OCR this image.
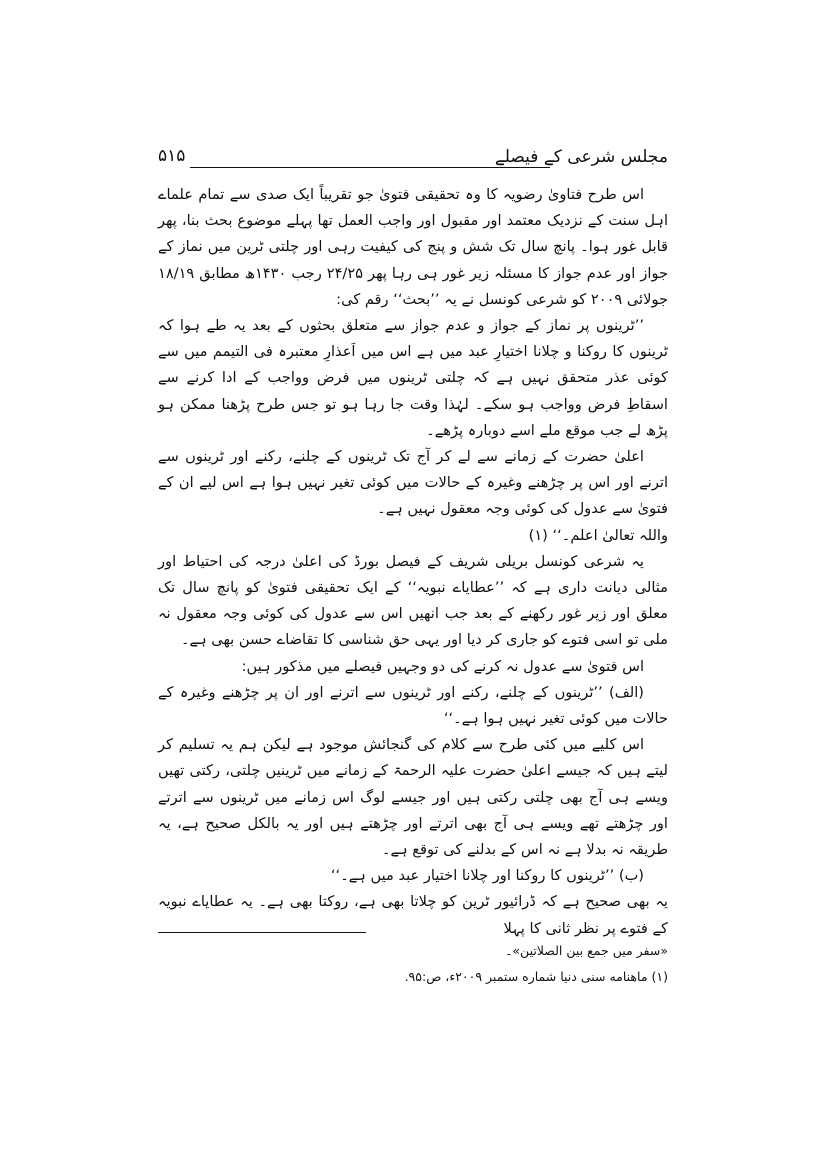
مجلس شرعی کے فیصلے
۵۱۵

اس طرح فتاویٰ رضویہ کا وہ تحقیقی فتویٰ جو تقریباً ایک صدی سے تمام علماے اہل سنت کے نزدیک معتمد اور مقبول اور واجب العمل تھا پہلے موضوع بحث بنا، پھر قابل غور ہوا۔ پانچ سال تک شش و پنج کی کیفیت رہی اور چلتی ٹرین میں نماز کے جواز اور عدم جواز کا مسئلہ زیر غور ہی رہا پھر ۲۴/۲۵ رجب ۱۴۳۰ھ مطابق ۱۸/۱۹ جولائی ۲۰۰۹ کو شرعی کونسل نے یہ ’’بحث‘‘ رقم کی:

’’ٹرینوں پر نماز کے جواز و عدم جواز سے متعلق بحثوں کے بعد یہ طے ہوا کہ ٹرینوں کا روکنا و چلانا اختیارِ عبد میں ہے اس میں اَعذارِ معتبرہ فی التیمم میں سے کوئی عذر متحقق نہیں ہے کہ چلتی ٹرینوں میں فرض وواجب کے ادا کرنے سے اسقاطِ فرض وواجب ہو سکے۔ لہٰذا وقت جا رہا ہو تو جس طرح پڑھنا ممکن ہو پڑھ لے جب موقع ملے اسے دوبارہ پڑھے۔

اعلیٰ حضرت کے زمانے سے لے کر آج تک ٹرینوں کے چلنے، رکنے اور ٹرینوں سے اترنے اور اس پر چڑھنے وغیرہ کے حالات میں کوئی تغیر نہیں ہوا ہے اس لیے ان کے فتویٰ سے عدول کی کوئی وجہ معقول نہیں ہے۔

واللہ تعالیٰ اعلم۔‘‘ (۱)

یہ شرعی کونسل بریلی شریف کے فیصل بورڈ کی اعلیٰ درجہ کی احتیاط اور مثالی دیانت داری ہے کہ ’’عطایاے نبویہ‘‘ کے ایک تحقیقی فتویٰ کو پانچ سال تک معلق اور زیر غور رکھنے کے بعد جب انھیں اس سے عدول کی کوئی وجہ معقول نہ ملی تو اسی فتوے کو جاری کر دیا اور یہی حق شناسی کا تقاضاے حسن بھی ہے۔

اس فتویٰ سے عدول نہ کرنے کی دو وجہیں فیصلے میں مذکور ہیں:

(الف) ’’ٹرینوں کے چلنے، رکنے اور ٹرینوں سے اترنے اور ان پر چڑھنے وغیرہ کے حالات میں کوئی تغیر نہیں ہوا ہے۔‘‘

اس کلیے میں کئی طرح سے کلام کی گنجائش موجود ہے لیکن ہم یہ تسلیم کر لیتے ہیں کہ جیسے اعلیٰ حضرت علیہ الرحمۃ کے زمانے میں ٹرینیں چلتی، رکتی تھیں ویسے ہی آج بھی چلتی رکتی ہیں اور جیسے لوگ اس زمانے میں ٹرینوں سے اترتے اور چڑھتے تھے ویسے ہی آج بھی اترتے اور چڑھتے ہیں اور یہ بالکل صحیح ہے، یہ طریقہ نہ بدلا ہے نہ اس کے بدلنے کی توقع ہے۔

(ب) ’’ٹرینوں کا روکنا اور چلانا اختیار عبد میں ہے۔‘‘

یہ بھی صحیح ہے کہ ڈرائیور ٹرین کو چلاتا بھی ہے، روکتا بھی ہے۔ یہ عطایاے نبویہ کے فتوے پر نظر ثانی کا پہلا

«سفر میں جمع بین الصلاتین»۔
(۱) ماهنامه سنی دنیا شماره ستمبر ۲۰۰۹ء، ص:۹۵.
